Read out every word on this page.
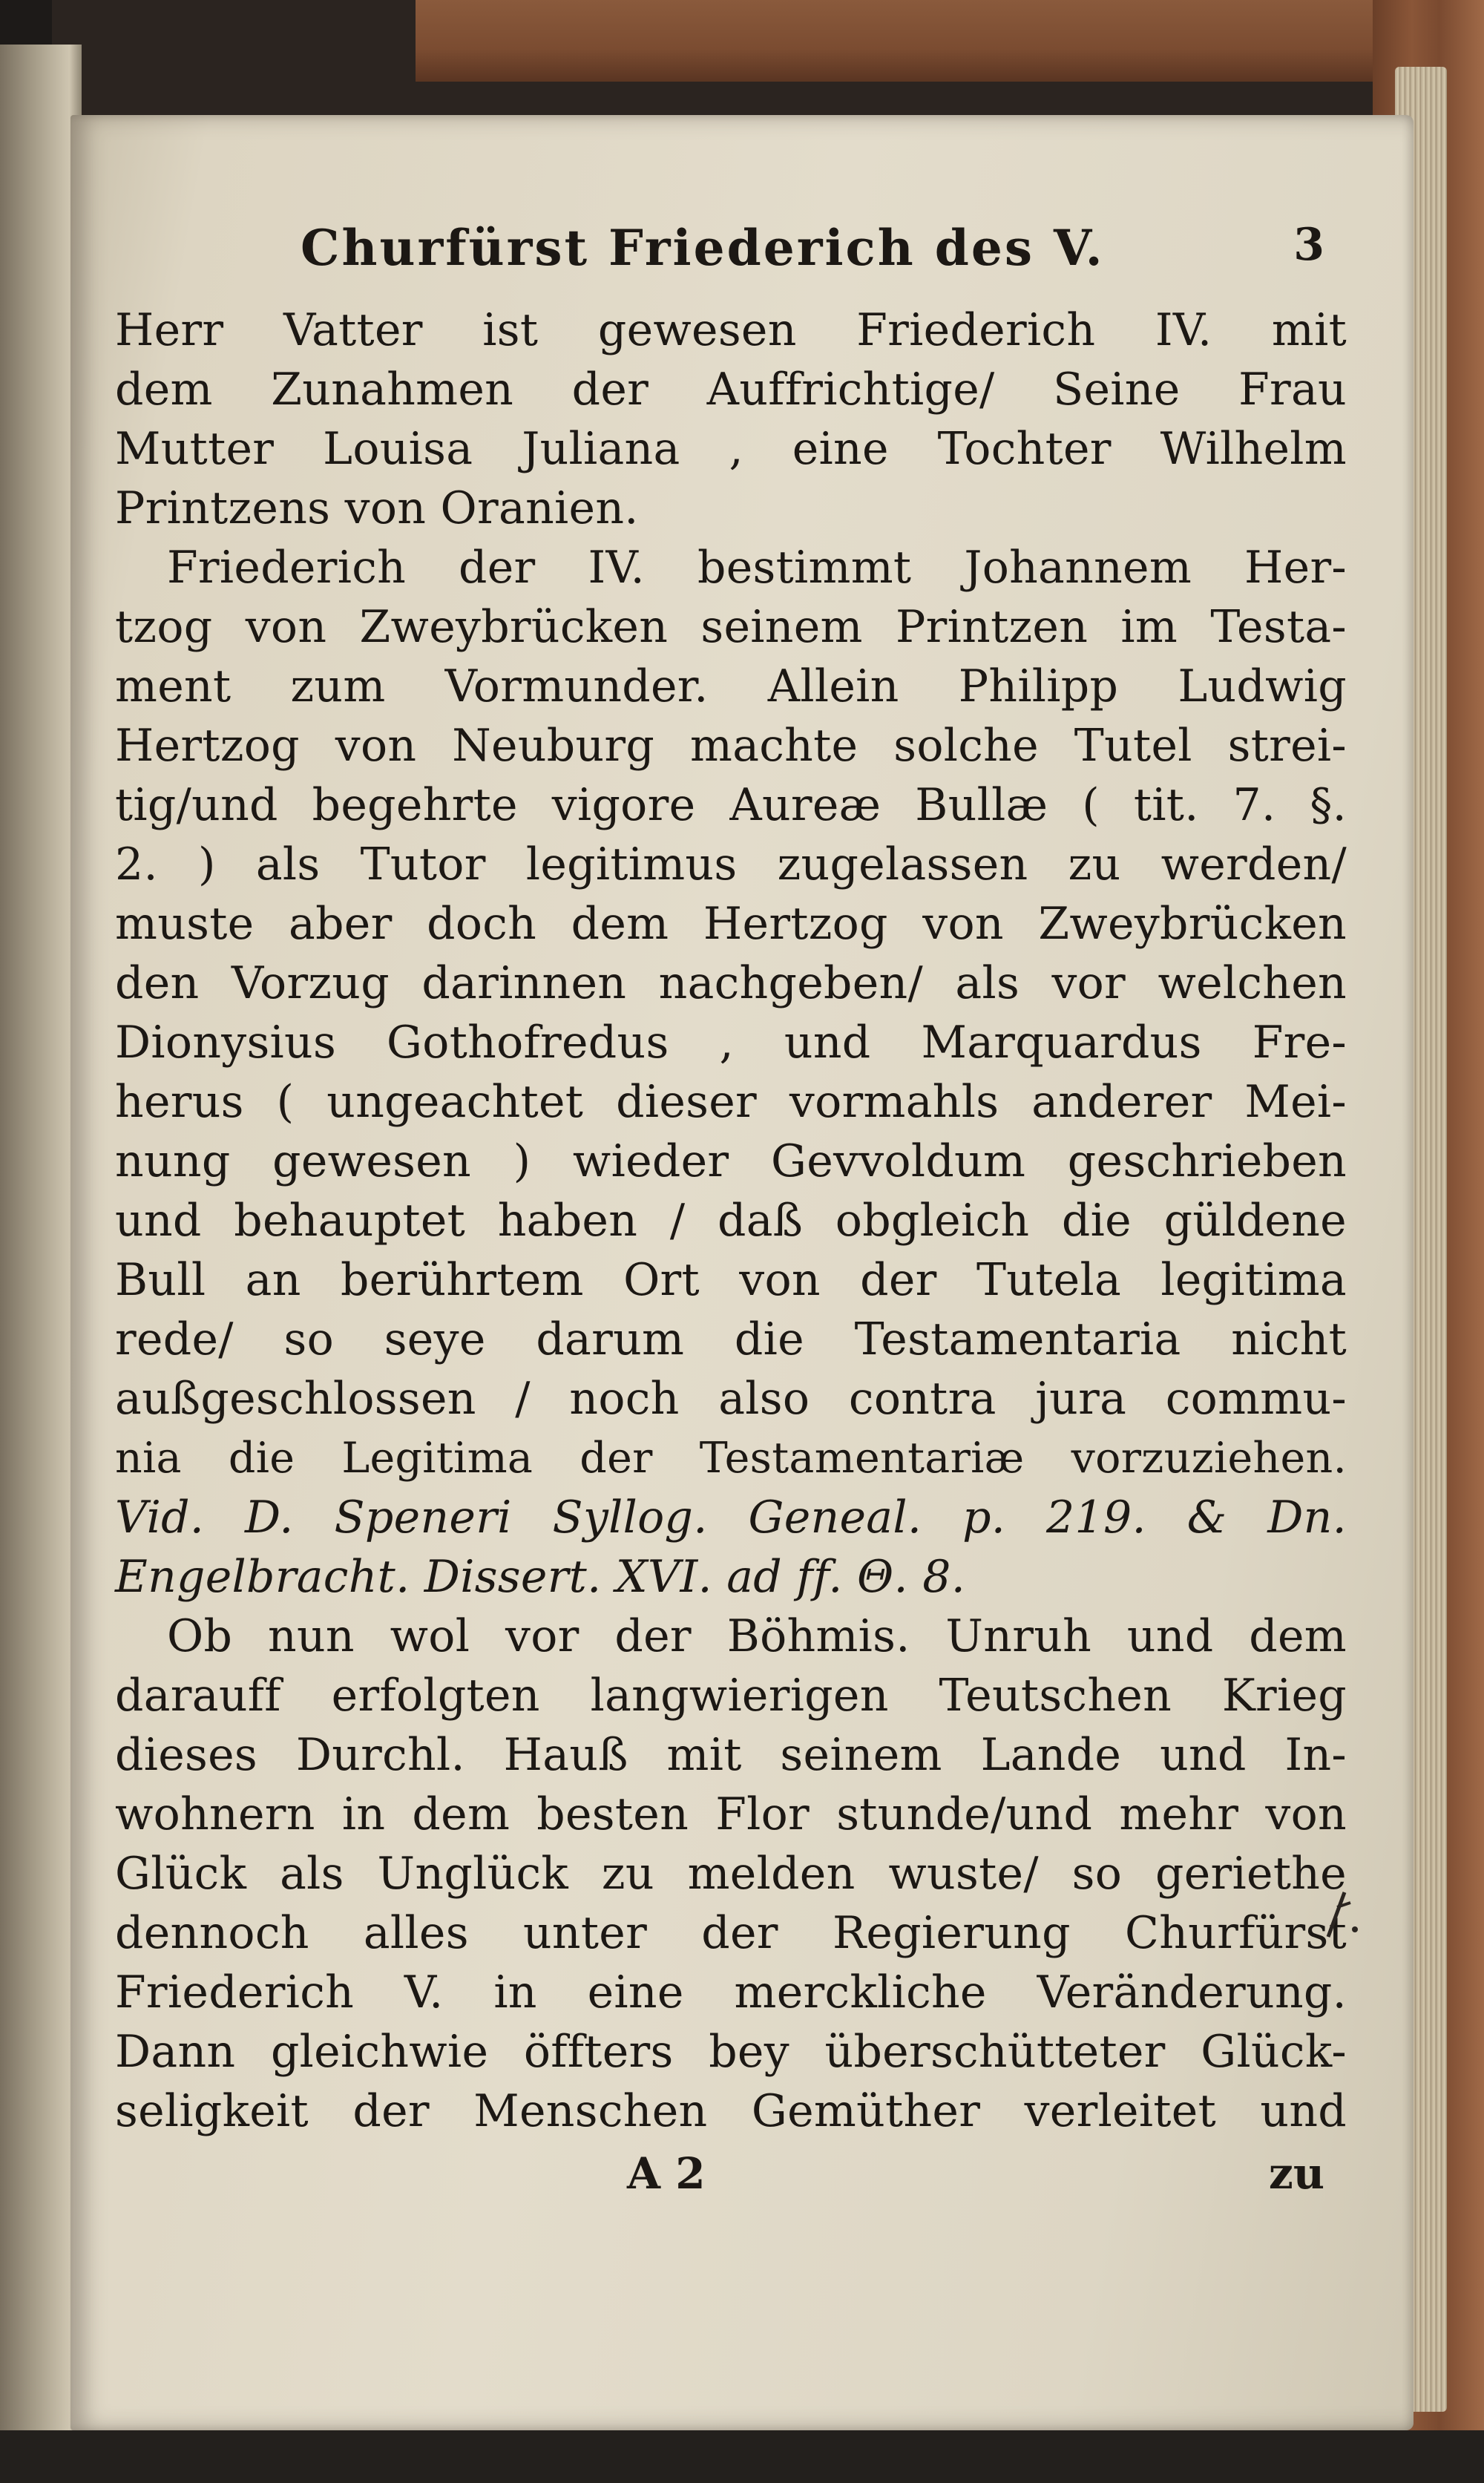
Churfürst Friederich des V.	3
Herr Vatter ist gewesen Friederich IV. mit
dem Zunahmen der Auffrichtige/ Seine Frau
Mutter Louisa Juliana , eine Tochter Wilhelm
Printzens von Oranien.
Friederich der IV. bestimmt Johannem Her-
tzog von Zweybrücken seinem Printzen im Testa-
ment zum Vormunder. Allein Philipp Ludwig
Hertzog von Neuburg machte solche Tutel strei-
tig/und begehrte vigore Aureæ Bullæ ( tit. 7. §.
2. ) als Tutor legitimus zugelassen zu werden/
muste aber doch dem Hertzog von Zweybrücken
den Vorzug darinnen nachgeben/ als vor welchen
Dionysius Gothofredus , und Marquardus Fre-
herus ( ungeachtet dieser vormahls anderer Mei-
nung gewesen ) wieder Gevvoldum geschrieben
und behauptet haben / daß obgleich die güldene
Bull an berührtem Ort von der Tutela legitima
rede/ so seye darum die Testamentaria nicht
außgeschlossen / noch also contra jura commu-
nia die Legitima der Testamentariæ vorzuziehen.
Vid. D. Speneri Syllog. Geneal. p. 219. & Dn.
Engelbracht. Dissert. XVI. ad ff. Θ. 8.
Ob nun wol vor der Böhmis. Unruh und dem
darauff erfolgten langwierigen Teutschen Krieg
dieses Durchl. Hauß mit seinem Lande und In-
wohnern in dem besten Flor stunde/und mehr von
Glück als Unglück zu melden wuste/ so geriethe
dennoch alles unter der Regierung Churfürst
Friederich V. in eine merckliche Veränderung.
Dann gleichwie öffters bey überschütteter Glück-
seligkeit der Menschen Gemüther verleitet und
A 2	zu
